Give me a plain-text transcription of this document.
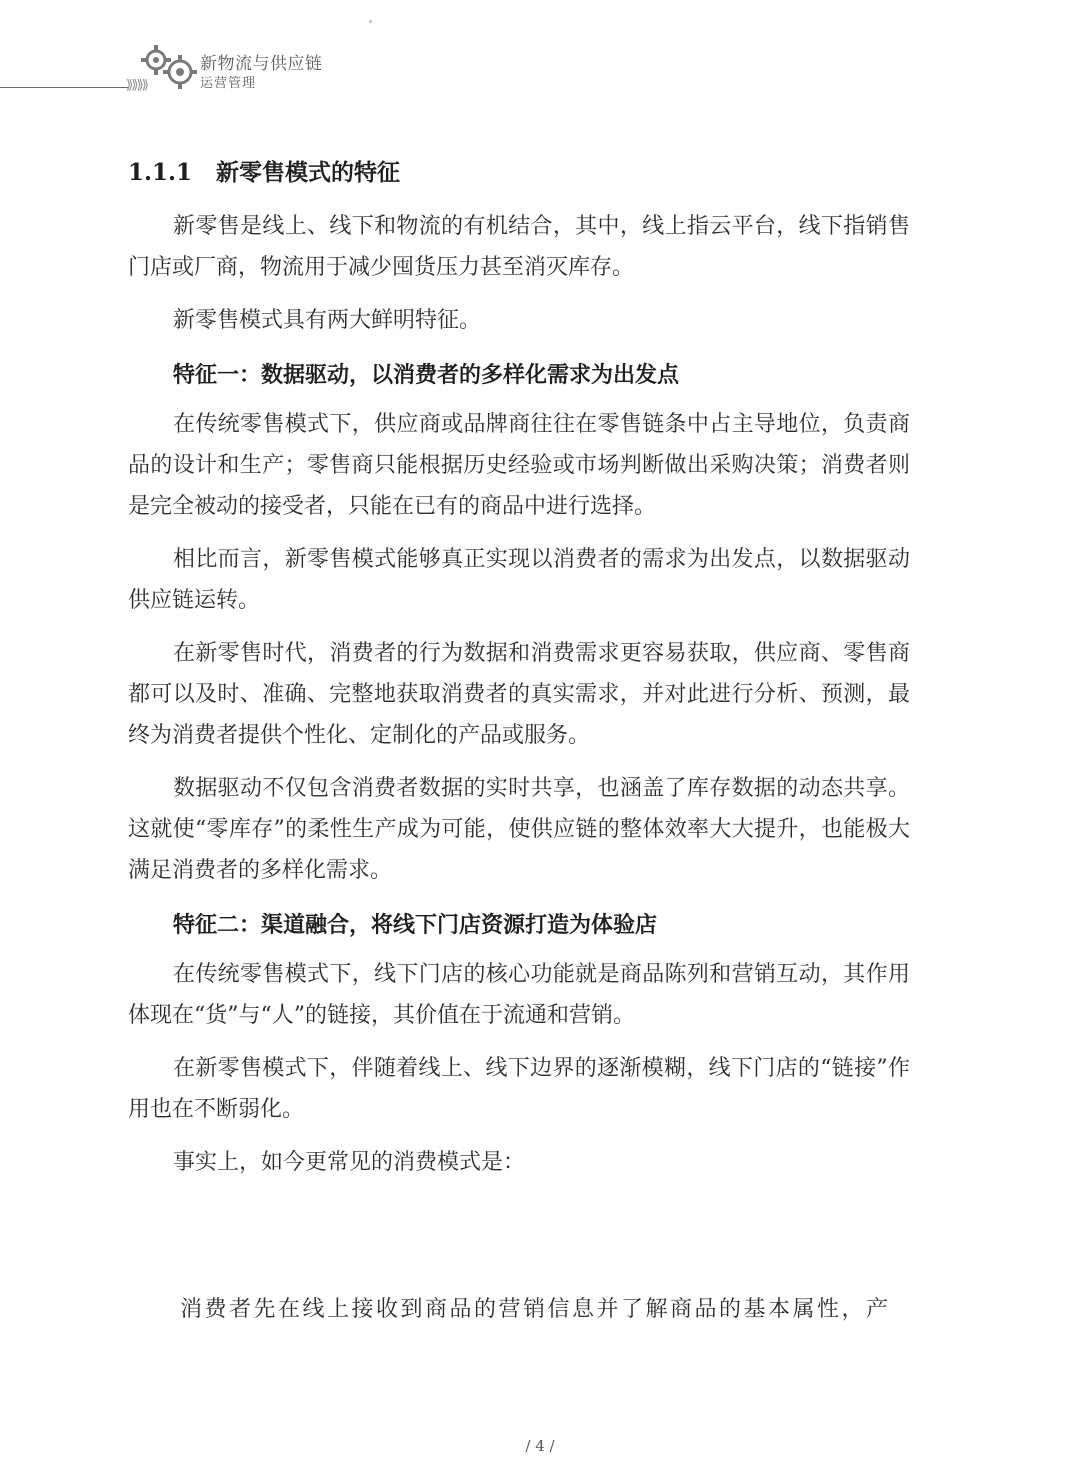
⟫⟫⟫⟫
新物流与供应链
运营管理
1.1.1 新零售模式的特征

新零售是线上、线下和物流的有机结合，其中，线上指云平台，线下指销售门店或厂商，物流用于减少囤货压力甚至消灭库存。

新零售模式具有两大鲜明特征。

特征一：数据驱动，以消费者的多样化需求为出发点

在传统零售模式下，供应商或品牌商往往在零售链条中占主导地位，负责商品的设计和生产；零售商只能根据历史经验或市场判断做出采购决策；消费者则是完全被动的接受者，只能在已有的商品中进行选择。

相比而言，新零售模式能够真正实现以消费者的需求为出发点，以数据驱动供应链运转。

在新零售时代，消费者的行为数据和消费需求更容易获取，供应商、零售商都可以及时、准确、完整地获取消费者的真实需求，并对此进行分析、预测，最终为消费者提供个性化、定制化的产品或服务。

数据驱动不仅包含消费者数据的实时共享，也涵盖了库存数据的动态共享。这就使“零库存”的柔性生产成为可能，使供应链的整体效率大大提升，也能极大满足消费者的多样化需求。

特征二：渠道融合，将线下门店资源打造为体验店

在传统零售模式下，线下门店的核心功能就是商品陈列和营销互动，其作用体现在“货”与“人”的链接，其价值在于流通和营销。

在新零售模式下，伴随着线上、线下边界的逐渐模糊，线下门店的“链接”作用也在不断弱化。

事实上，如今更常见的消费模式是：

消费者先在线上接收到商品的营销信息并了解商品的基本属性，产
/ 4 /
